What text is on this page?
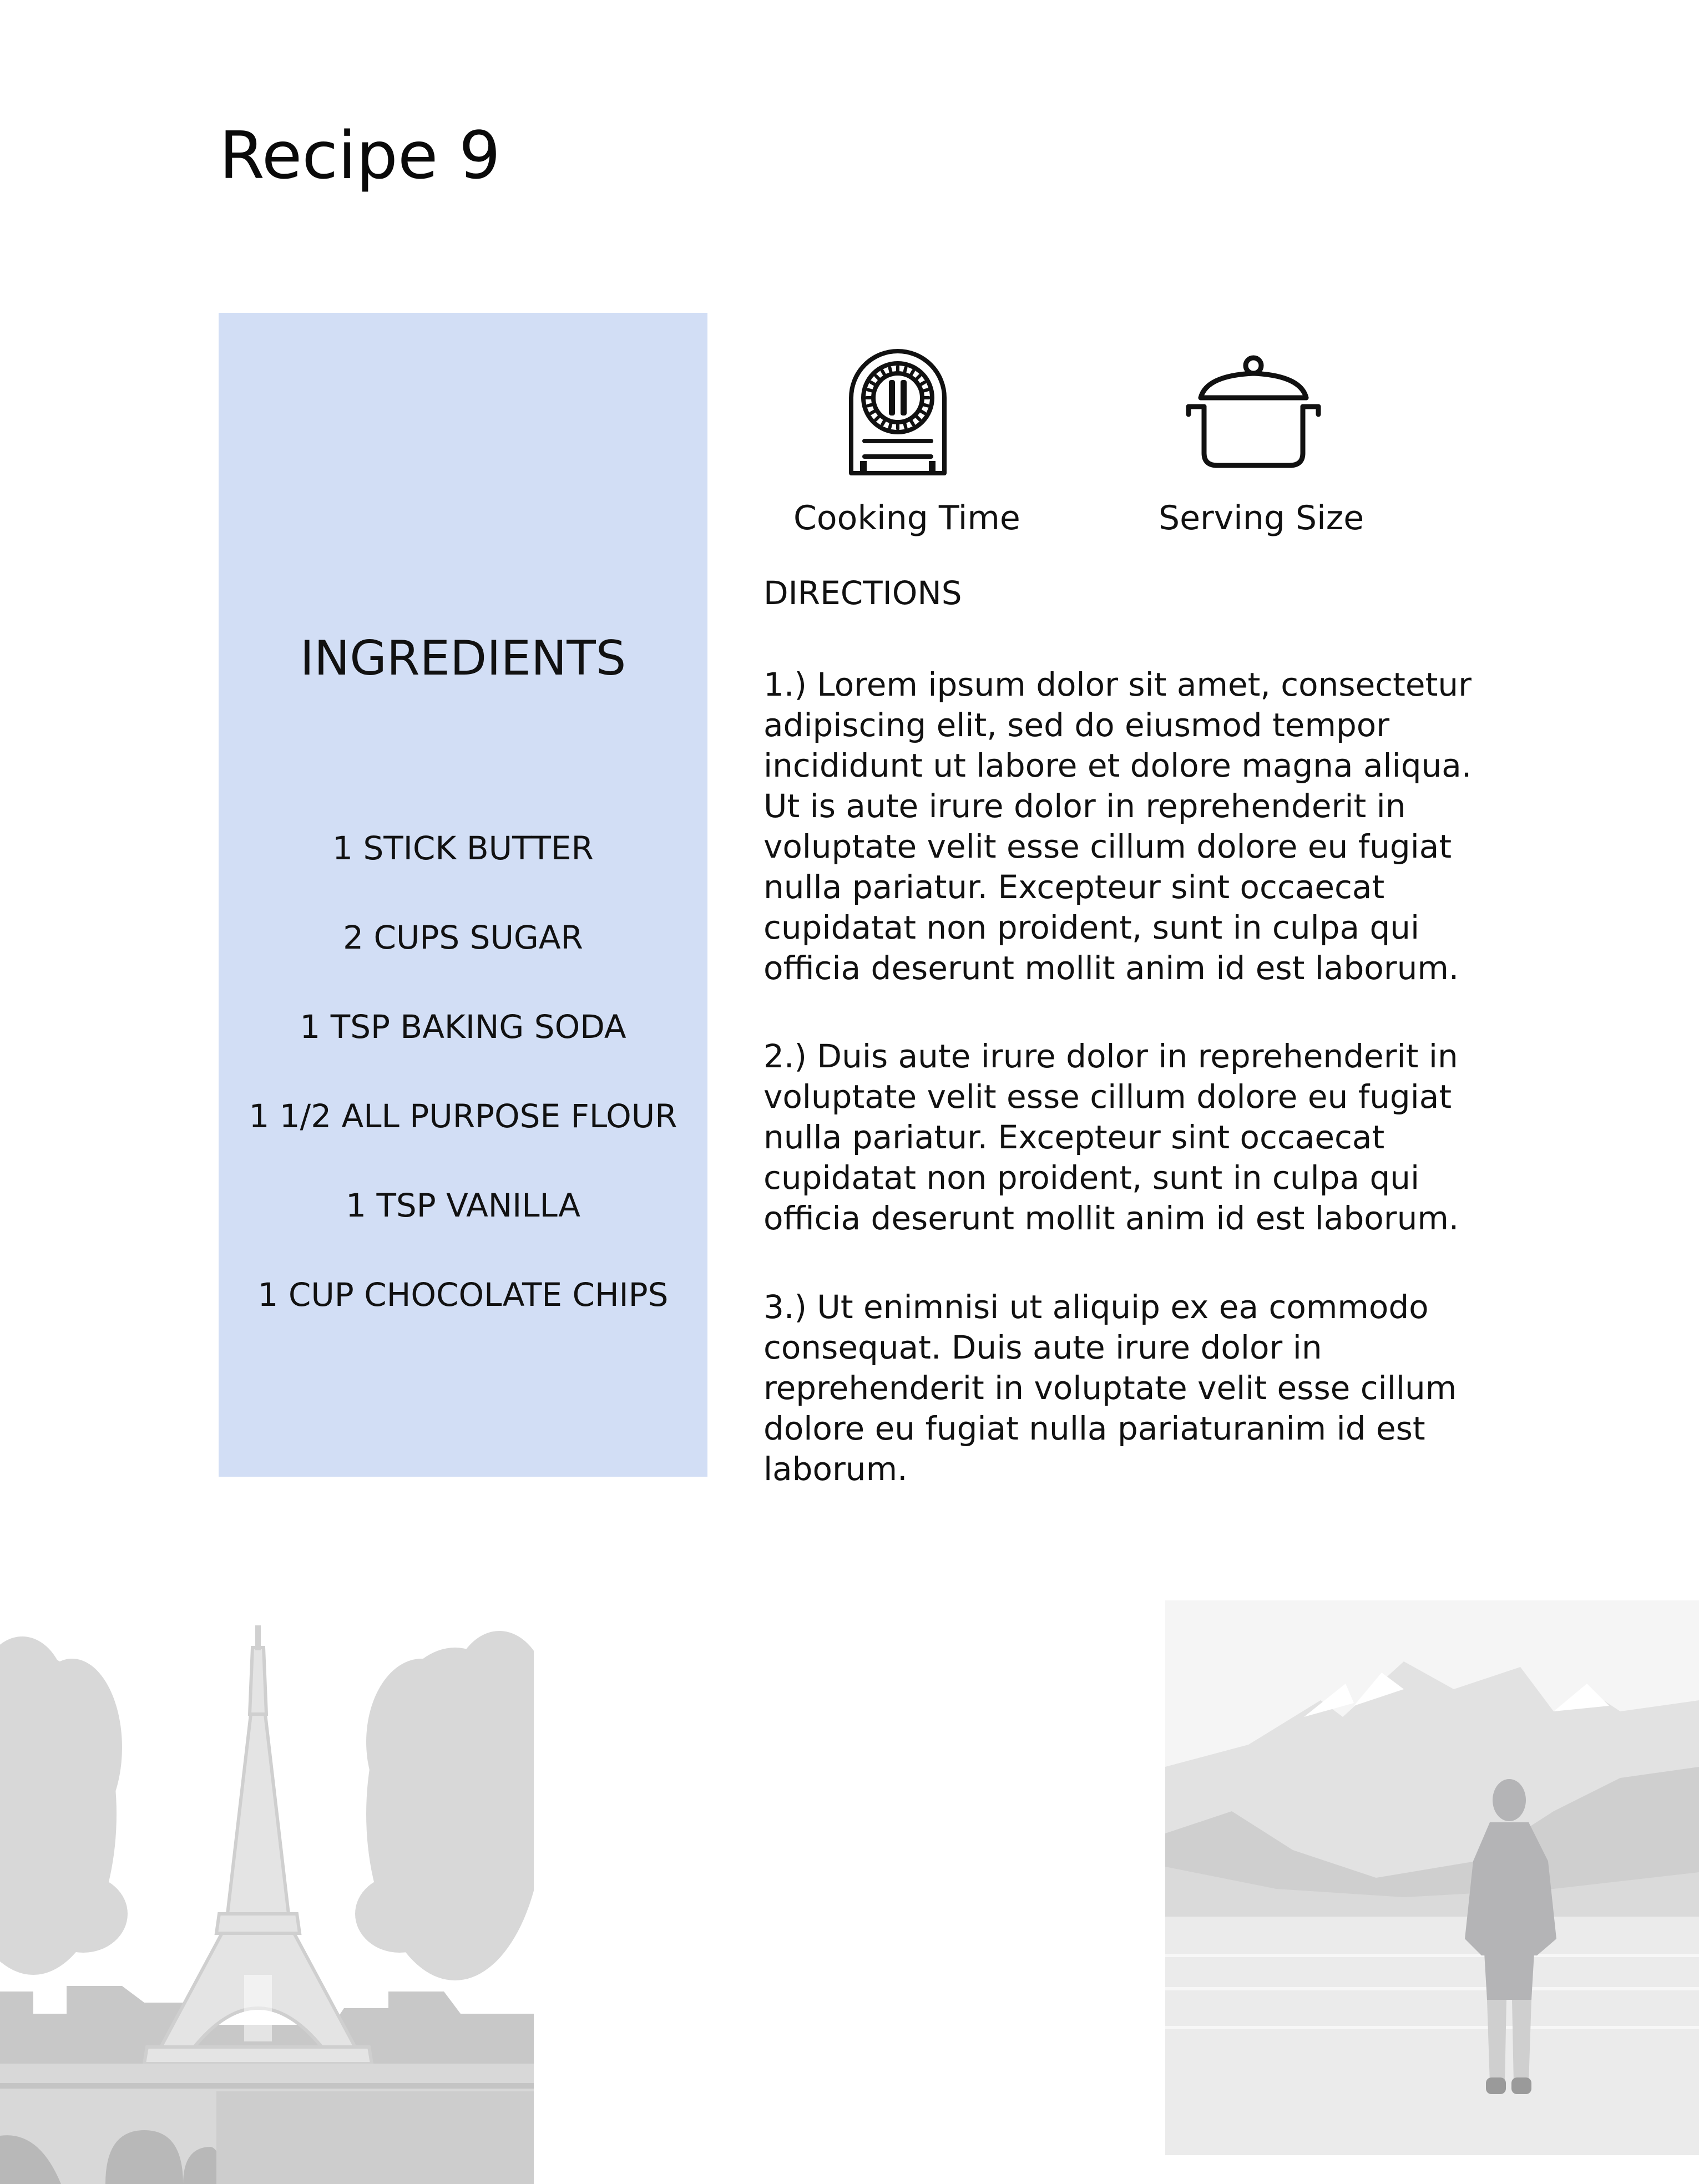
Recipe 9
INGREDIENTS
1 STICK BUTTER
2 CUPS SUGAR
1 TSP BAKING SODA
1 1/2 ALL PURPOSE FLOUR
1 TSP VANILLA
1 CUP CHOCOLATE CHIPS
Cooking Time	Serving Size
DIRECTIONS

1.) Lorem ipsum dolor sit amet, consectetur adipiscing elit, sed do eiusmod tempor incididunt ut labore et dolore magna aliqua. Ut is aute irure dolor in reprehenderit in voluptate velit esse cillum dolore eu fugiat nulla pariatur. Excepteur sint occaecat cupidatat non proident, sunt in culpa qui officia deserunt mollit anim id est laborum.

2.) Duis aute irure dolor in reprehenderit in voluptate velit esse cillum dolore eu fugiat nulla pariatur. Excepteur sint occaecat cupidatat non proident, sunt in culpa qui officia deserunt mollit anim id est laborum.

3.) Ut enimnisi ut aliquip ex ea commodo consequat. Duis aute irure dolor in reprehenderit in voluptate velit esse cillum dolore eu fugiat nulla pariaturanim id est laborum.
